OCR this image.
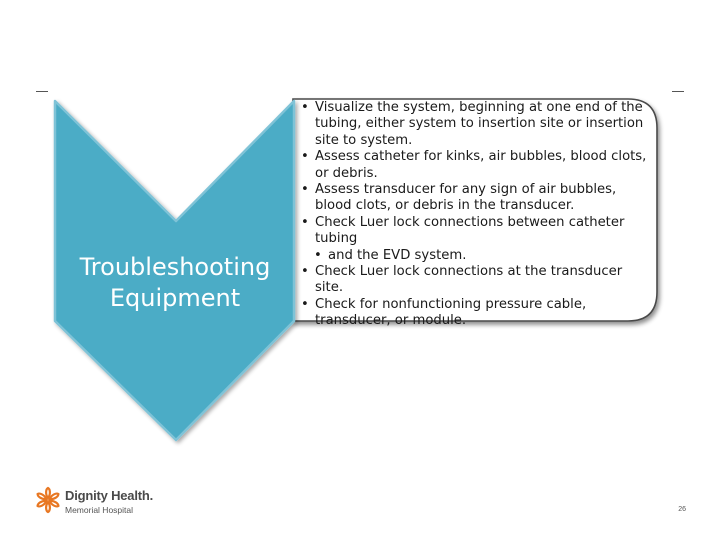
Troubleshooting
Equipment
• Visualize the system, beginning at one end of the tubing, either system to insertion site or insertion site to system.
• Assess catheter for kinks, air bubbles, blood clots, or debris.
• Assess transducer for any sign of air bubbles, blood clots, or debris in the transducer.
• Check Luer lock connections between catheter tubing
• and the EVD system.
• Check Luer lock connections at the transducer site.
• Check for nonfunctioning pressure cable, transducer, or module.
Dignity Health.
Memorial Hospital	26
